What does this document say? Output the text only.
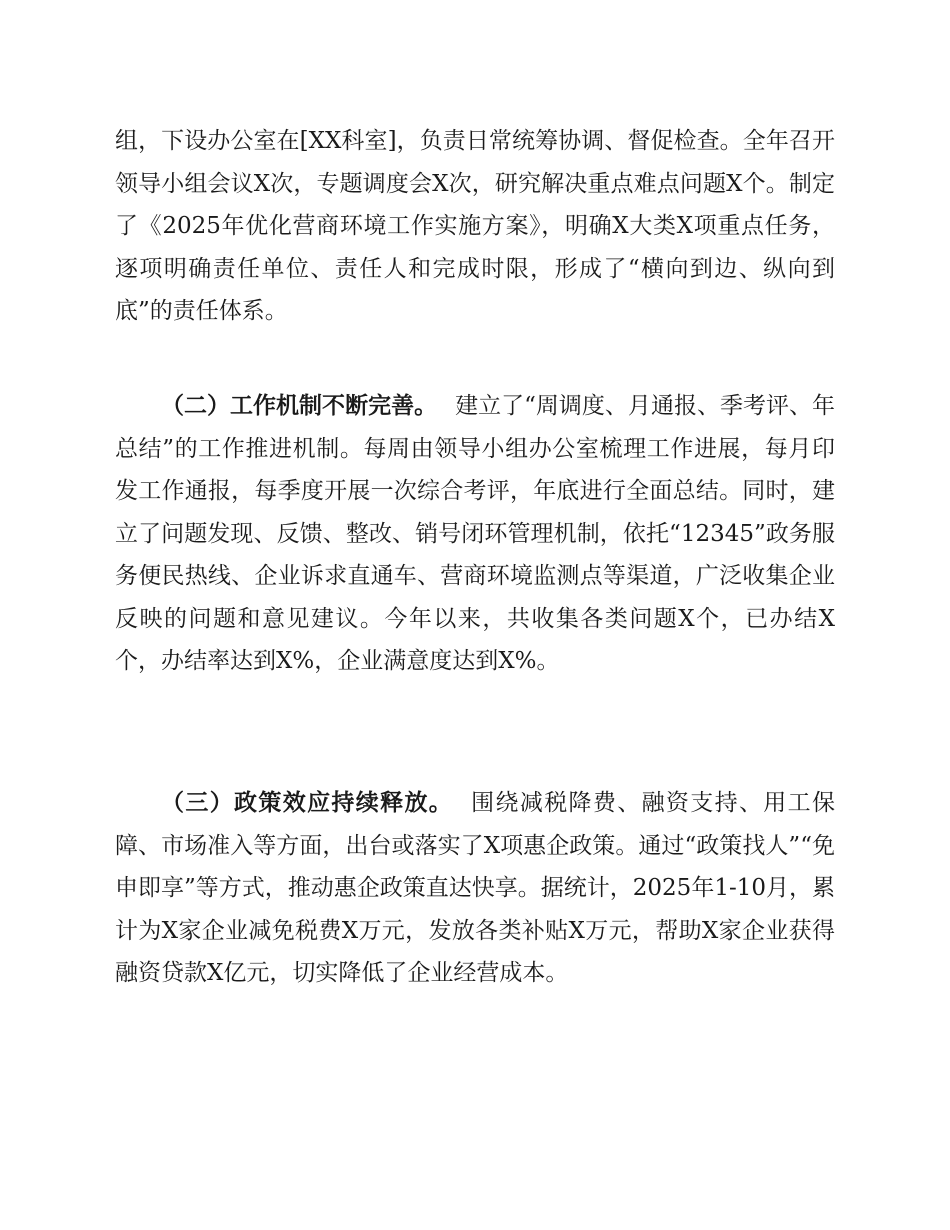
组，下设办公室在[XX科室]，负责日常统筹协调、督促检查。全年召开领导小组会议X次，专题调度会X次，研究解决重点难点问题X个。制定了《2025年优化营商环境工作实施方案》，明确X大类X项重点任务，逐项明确责任单位、责任人和完成时限，形成了“横向到边、纵向到底”的责任体系。

（二）工作机制不断完善。 建立了“周调度、月通报、季考评、年总结”的工作推进机制。每周由领导小组办公室梳理工作进展，每月印发工作通报，每季度开展一次综合考评，年底进行全面总结。同时，建立了问题发现、反馈、整改、销号闭环管理机制，依托“12345”政务服务便民热线、企业诉求直通车、营商环境监测点等渠道，广泛收集企业反映的问题和意见建议。今年以来，共收集各类问题X个，已办结X个，办结率达到X%，企业满意度达到X%。

（三）政策效应持续释放。 围绕减税降费、融资支持、用工保障、市场准入等方面，出台或落实了X项惠企政策。通过“政策找人”“免申即享”等方式，推动惠企政策直达快享。据统计，2025年1-10月，累计为X家企业减免税费X万元，发放各类补贴X万元，帮助X家企业获得融资贷款X亿元，切实降低了企业经营成本。
